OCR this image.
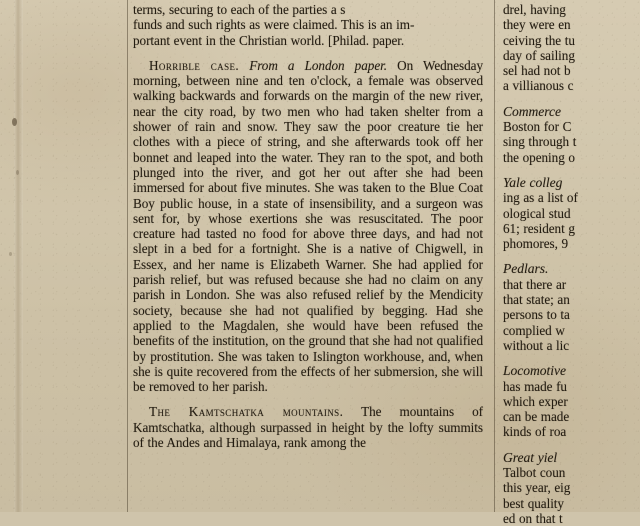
terms, securing to each of the parties a s

funds and such rights as were claimed. This is an im-

portant event in the Christian world. [Philad. paper.

Horrible case. From a London paper. On Wednesday morning, between nine and ten o'clock, a female was observed walking backwards and forwards on the margin of the new river, near the city road, by two men who had taken shelter from a shower of rain and snow. They saw the poor creature tie her clothes with a piece of string, and she afterwards took off her bonnet and leaped into the water. They ran to the spot, and both plunged into the river, and got her out after she had been immersed for about five minutes. She was taken to the Blue Coat Boy public house, in a state of insensibility, and a surgeon was sent for, by whose exertions she was resuscitated. The poor creature had tasted no food for above three days, and had not slept in a bed for a fortnight. She is a native of Chigwell, in Essex, and her name is Elizabeth Warner. She had applied for parish relief, but was refused because she had no claim on any parish in London. She was also refused relief by the Mendicity society, because she had not qualified by begging. Had she applied to the Magdalen, she would have been refused the benefits of the institution, on the ground that she had not qualified by prostitution. She was taken to Islington workhouse, and, when she is quite recovered from the effects of her submersion, she will be removed to her parish.

The Kamtschatka mountains. The mountains of Kamtschatka, although surpassed in height by the lofty summits of the Andes and Himalaya, rank among the

drel, having

they were en

ceiving the tu

day of sailing

sel had not b

a villianous c

Commerce

Boston for C

sing through t

the opening o

Yale colleg

ing as a list of

ological stud

61; resident g

phomores, 9

Pedlars.

that there ar

that state; an

persons to ta

complied w

without a lic

Locomotive

has made fu

which exper

can be made

kinds of roa

Great yiel

Talbot coun

this year, eig

best quality

ed on that t
